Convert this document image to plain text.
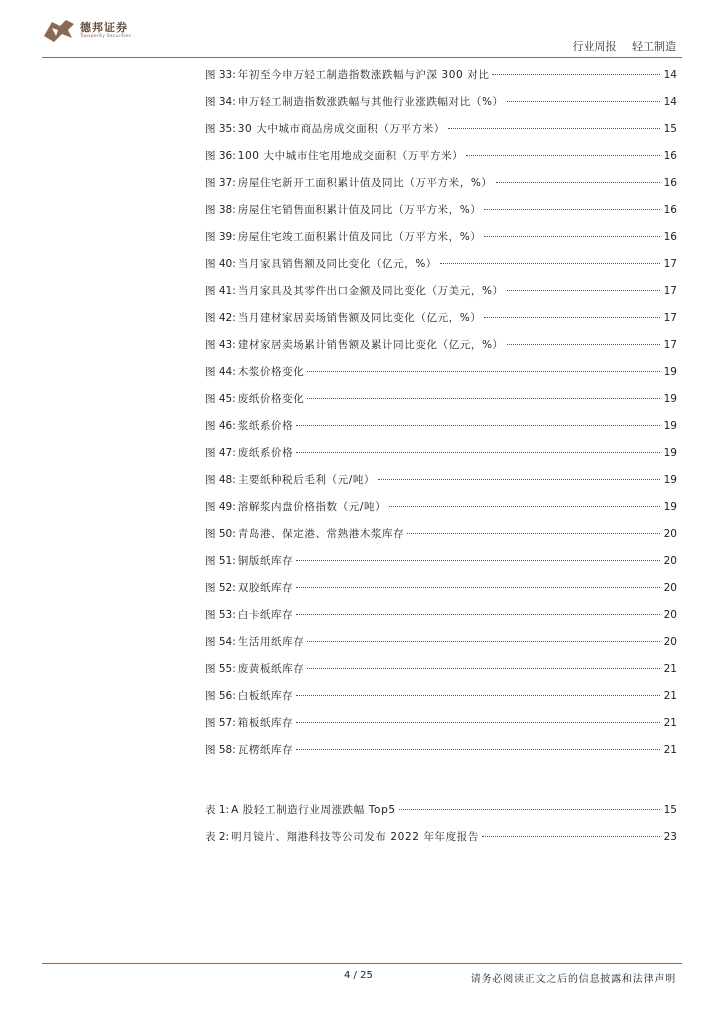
德邦证券
Topsperity Securities
行业周报 轻工制造
图 33: 年初至今申万轻工制造指数涨跌幅与沪深 300 对比	14
图 34: 申万轻工制造指数涨跌幅与其他行业涨跌幅对比（%）	14
图 35: 30 大中城市商品房成交面积（万平方米）	15
图 36: 100 大中城市住宅用地成交面积（万平方米）	16
图 37: 房屋住宅新开工面积累计值及同比（万平方米，%）	16
图 38: 房屋住宅销售面积累计值及同比（万平方米，%）	16
图 39: 房屋住宅竣工面积累计值及同比（万平方米，%）	16
图 40: 当月家具销售额及同比变化（亿元，%）	17
图 41: 当月家具及其零件出口金额及同比变化（万美元，%）	17
图 42: 当月建材家居卖场销售额及同比变化（亿元，%）	17
图 43: 建材家居卖场累计销售额及累计同比变化（亿元，%）	17
图 44: 木浆价格变化	19
图 45: 废纸价格变化	19
图 46: 浆纸系价格	19
图 47: 废纸系价格	19
图 48: 主要纸种税后毛利（元/吨）	19
图 49: 溶解浆内盘价格指数（元/吨）	19
图 50: 青岛港、保定港、常熟港木浆库存	20
图 51: 铜版纸库存	20
图 52: 双胶纸库存	20
图 53: 白卡纸库存	20
图 54: 生活用纸库存	20
图 55: 废黄板纸库存	21
图 56: 白板纸库存	21
图 57: 箱板纸库存	21
图 58: 瓦楞纸库存	21
表 1: A 股轻工制造行业周涨跌幅 Top5	15
表 2: 明月镜片、翔港科技等公司发布 2022 年年度报告	23
4 / 25	请务必阅读正文之后的信息披露和法律声明
